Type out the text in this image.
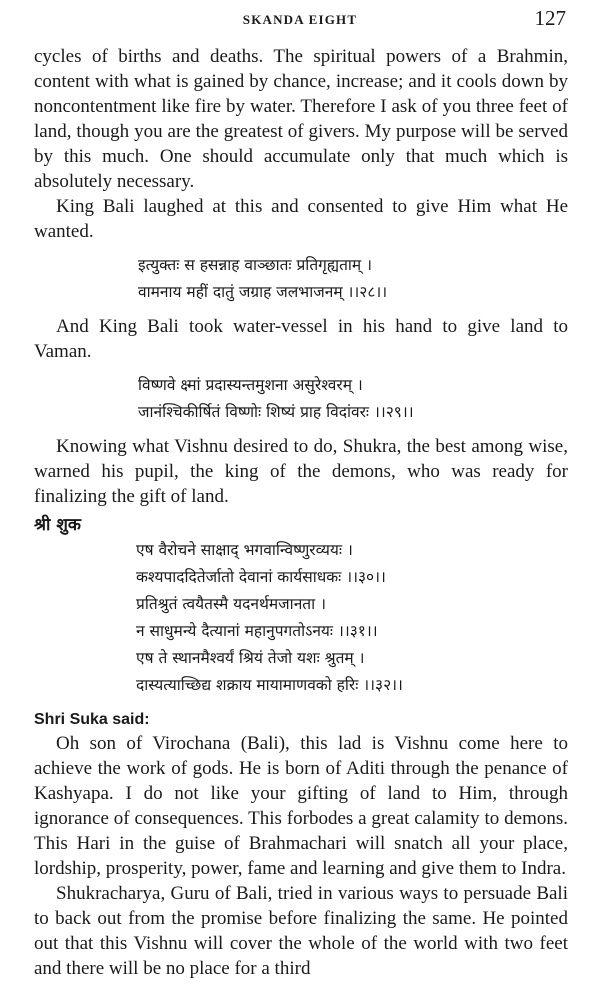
SKANDA EIGHT	127

cycles of births and deaths. The spiritual powers of a Brahmin, content with what is gained by chance, increase; and it cools down by noncontentment like fire by water. Therefore I ask of you three feet of land, though you are the greatest of givers. My purpose will be served by this much. One should accumulate only that much which is absolutely necessary.

King Bali laughed at this and consented to give Him what He wanted.

इत्युक्तः स हसन्नाह वाञ्छातः प्रतिगृह्यताम् ।
वामनाय महीं दातुं जग्राह जलभाजनम् ।।२८।।

And King Bali took water-vessel in his hand to give land to Vaman.

विष्णवे क्ष्मां प्रदास्यन्तमुशना असुरेश्वरम् ।
जानंश्चिकीर्षितं विष्णोः शिष्यं प्राह विदांवरः ।।२९।।

Knowing what Vishnu desired to do, Shukra, the best among wise, warned his pupil, the king of the demons, who was ready for finalizing the gift of land.

श्री शुक
एष वैरोचने साक्षाद् भगवान्विष्णुरव्ययः ।
कश्यपाददितेर्जातो देवानां कार्यसाधकः ।।३०।।
प्रतिश्रुतं त्वयैतस्मै यदनर्थमजानता ।
न साधुमन्ये दैत्यानां महानुपगतोऽनयः ।।३१।।
एष ते स्थानमैश्वर्यं श्रियं तेजो यशः श्रुतम् ।
दास्यत्याच्छिद्य शक्राय मायामाणवको हरिः ।।३२।।
Shri Suka said:

Oh son of Virochana (Bali), this lad is Vishnu come here to achieve the work of gods. He is born of Aditi through the penance of Kashyapa. I do not like your gifting of land to Him, through ignorance of consequences. This forbodes a great calamity to demons. This Hari in the guise of Brahmachari will snatch all your place, lordship, prosperity, power, fame and learning and give them to Indra.

Shukracharya, Guru of Bali, tried in various ways to persuade Bali to back out from the promise before finalizing the same. He pointed out that this Vishnu will cover the whole of the world with two feet and there will be no place for a third
